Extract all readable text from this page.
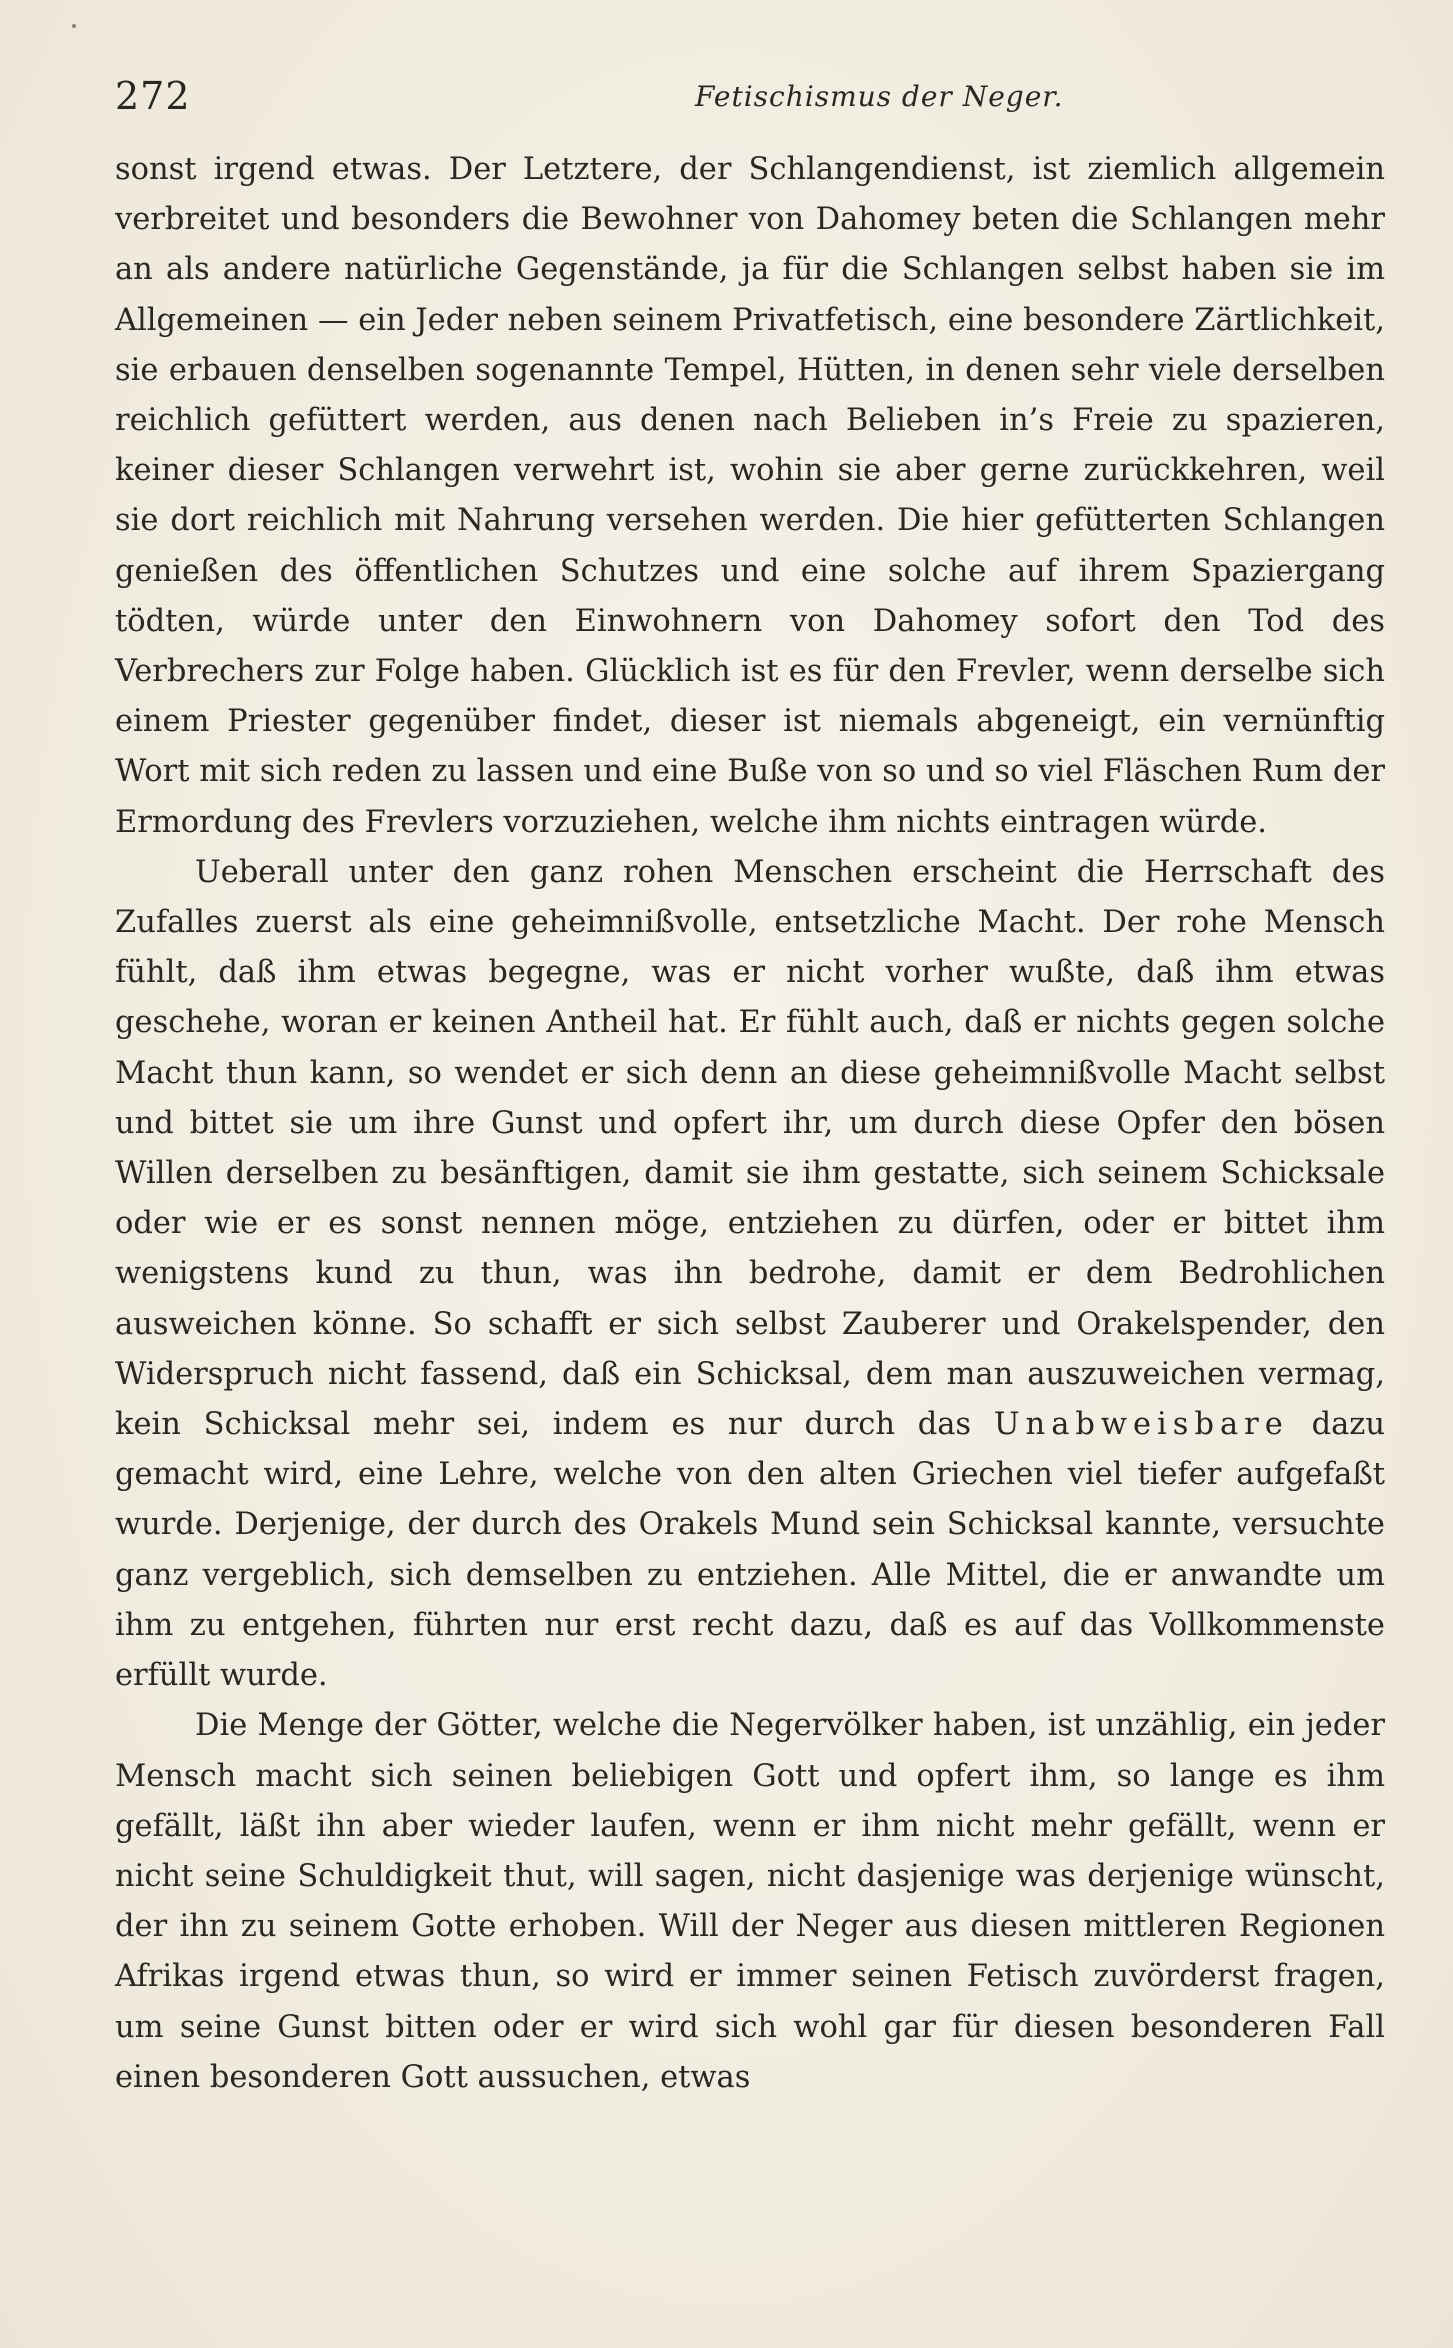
272	Fetischismus der Neger.

sonst irgend etwas. Der Letztere, der Schlangendienst, ist ziemlich allgemein verbreitet und besonders die Bewohner von Dahomey beten die Schlangen mehr an als andere natürliche Gegenstände, ja für die Schlangen selbst haben sie im Allgemeinen — ein Jeder neben seinem Privatfetisch, eine besondere Zärtlichkeit, sie erbauen denselben sogenannte Tempel, Hütten, in denen sehr viele derselben reichlich gefüttert werden, aus denen nach Belieben in’s Freie zu spazieren, keiner dieser Schlangen verwehrt ist, wohin sie aber gerne zurückkehren, weil sie dort reichlich mit Nahrung versehen werden. Die hier gefütterten Schlangen genießen des öffentlichen Schutzes und eine solche auf ihrem Spaziergang tödten, würde unter den Einwohnern von Dahomey sofort den Tod des Verbrechers zur Folge haben. Glücklich ist es für den Frevler, wenn derselbe sich einem Priester gegenüber findet, dieser ist niemals abgeneigt, ein vernünftig Wort mit sich reden zu lassen und eine Buße von so und so viel Fläschen Rum der Ermordung des Frevlers vorzuziehen, welche ihm nichts eintragen würde.

Ueberall unter den ganz rohen Menschen erscheint die Herrschaft des Zufalles zuerst als eine geheimnißvolle, entsetzliche Macht. Der rohe Mensch fühlt, daß ihm etwas begegne, was er nicht vorher wußte, daß ihm etwas geschehe, woran er keinen Antheil hat. Er fühlt auch, daß er nichts gegen solche Macht thun kann, so wendet er sich denn an diese geheimnißvolle Macht selbst und bittet sie um ihre Gunst und opfert ihr, um durch diese Opfer den bösen Willen derselben zu besänftigen, damit sie ihm gestatte, sich seinem Schicksale oder wie er es sonst nennen möge, entziehen zu dürfen, oder er bittet ihm wenigstens kund zu thun, was ihn bedrohe, damit er dem Bedrohlichen ausweichen könne. So schafft er sich selbst Zauberer und Orakelspender, den Widerspruch nicht fassend, daß ein Schicksal, dem man auszuweichen vermag, kein Schicksal mehr sei, indem es nur durch das Unabweisbare dazu gemacht wird, eine Lehre, welche von den alten Griechen viel tiefer aufgefaßt wurde. Derjenige, der durch des Orakels Mund sein Schicksal kannte, versuchte ganz vergeblich, sich demselben zu entziehen. Alle Mittel, die er anwandte um ihm zu entgehen, führten nur erst recht dazu, daß es auf das Vollkommenste erfüllt wurde.

Die Menge der Götter, welche die Negervölker haben, ist unzählig, ein jeder Mensch macht sich seinen beliebigen Gott und opfert ihm, so lange es ihm gefällt, läßt ihn aber wieder laufen, wenn er ihm nicht mehr gefällt, wenn er nicht seine Schuldigkeit thut, will sagen, nicht dasjenige was derjenige wünscht, der ihn zu seinem Gotte erhoben. Will der Neger aus diesen mittleren Regionen Afrikas irgend etwas thun, so wird er immer seinen Fetisch zuvörderst fragen, um seine Gunst bitten oder er wird sich wohl gar für diesen besonderen Fall einen besonderen Gott aussuchen, etwas
